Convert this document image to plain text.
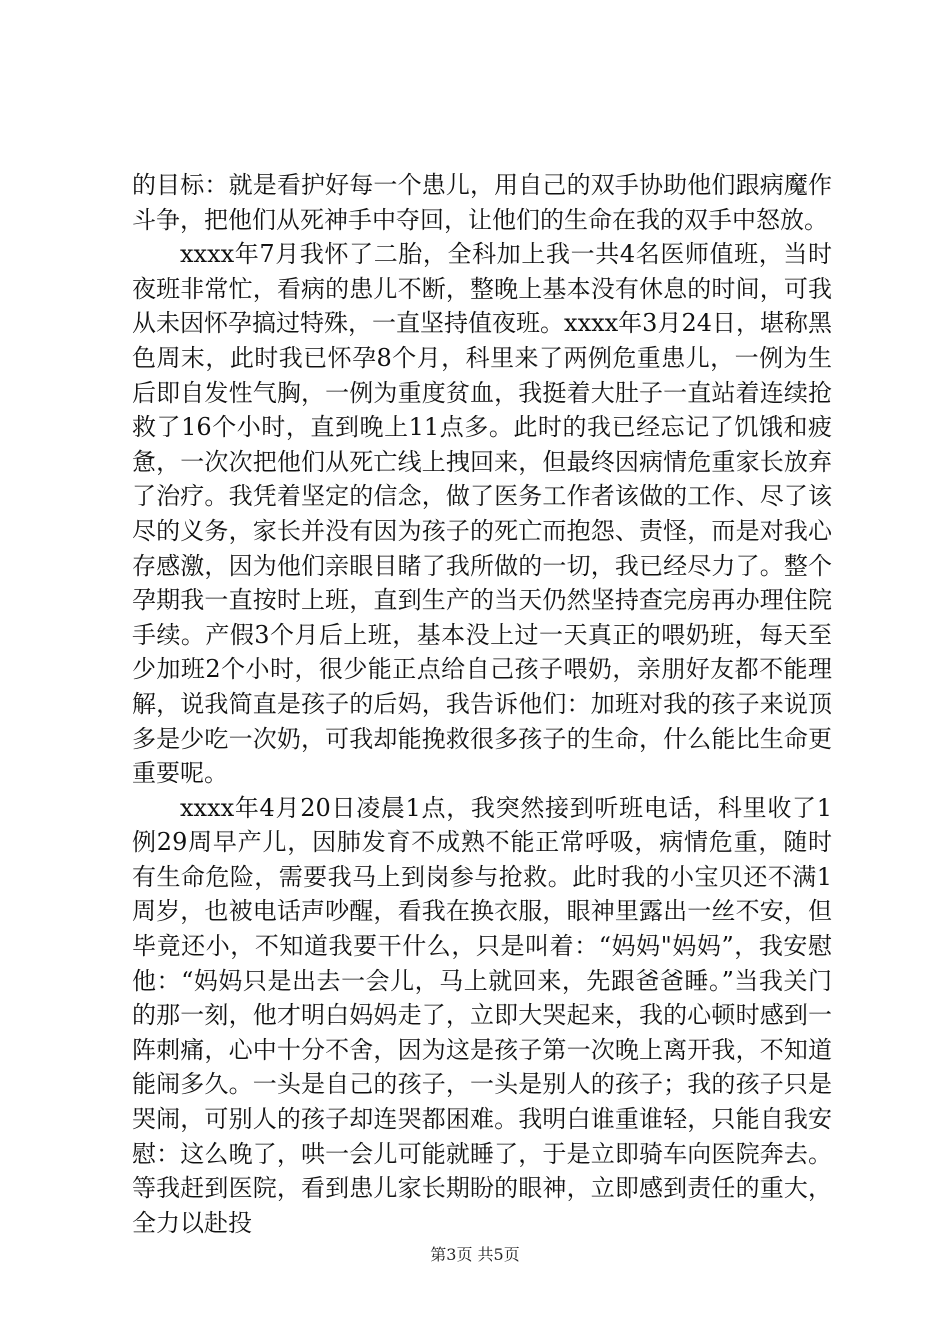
的目标：就是看护好每一个患儿，用自己的双手协助他们跟病魔作斗争，把他们从死神手中夺回，让他们的生命在我的双手中怒放。

xxxx年7月我怀了二胎，全科加上我一共4名医师值班，当时夜班非常忙，看病的患儿不断，整晚上基本没有休息的时间，可我从未因怀孕搞过特殊，一直坚持值夜班。xxxx年3月24日，堪称黑色周末，此时我已怀孕8个月，科里来了两例危重患儿，一例为生后即自发性气胸，一例为重度贫血，我挺着大肚子一直站着连续抢救了16个小时，直到晚上11点多。此时的我已经忘记了饥饿和疲惫，一次次把他们从死亡线上拽回来，但最终因病情危重家长放弃了治疗。我凭着坚定的信念，做了医务工作者该做的工作、尽了该尽的义务，家长并没有因为孩子的死亡而抱怨、责怪，而是对我心存感激，因为他们亲眼目睹了我所做的一切，我已经尽力了。整个孕期我一直按时上班，直到生产的当天仍然坚持查完房再办理住院手续。产假3个月后上班，基本没上过一天真正的喂奶班，每天至少加班2个小时，很少能正点给自己孩子喂奶，亲朋好友都不能理解，说我简直是孩子的后妈，我告诉他们：加班对我的孩子来说顶多是少吃一次奶，可我却能挽救很多孩子的生命，什么能比生命更重要呢。

xxxx年4月20日凌晨1点，我突然接到听班电话，科里收了1例29周早产儿，因肺发育不成熟不能正常呼吸，病情危重，随时有生命危险，需要我马上到岗参与抢救。此时我的小宝贝还不满1周岁，也被电话声吵醒，看我在换衣服，眼神里露出一丝不安，但毕竟还小，不知道我要干什么，只是叫着：“妈妈"妈妈”，我安慰他：“妈妈只是出去一会儿，马上就回来，先跟爸爸睡。”当我关门的那一刻，他才明白妈妈走了，立即大哭起来，我的心顿时感到一阵刺痛，心中十分不舍，因为这是孩子第一次晚上离开我，不知道能闹多久。一头是自己的孩子，一头是别人的孩子；我的孩子只是哭闹，可别人的孩子却连哭都困难。我明白谁重谁轻，只能自我安慰：这么晚了，哄一会儿可能就睡了，于是立即骑车向医院奔去。等我赶到医院，看到患儿家长期盼的眼神，立即感到责任的重大，全力以赴投

第3页 共5页
